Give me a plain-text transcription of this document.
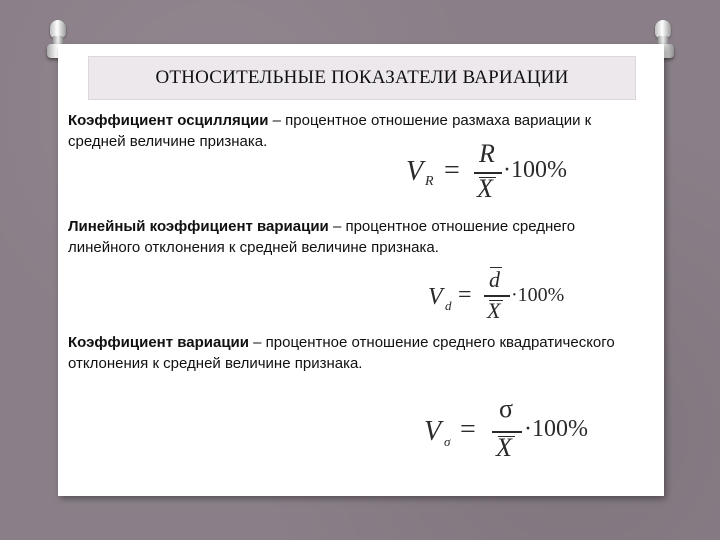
ОТНОСИТЕЛЬНЫЕ ПОКАЗАТЕЛИ ВАРИАЦИИ

Коэффициент осцилляции – процентное отношение размаха вариации к средней величине признака.

V R =
R
X
·100%

Линейный коэффициент вариации – процентное отношение среднего линейного отклонения к средней величине признака.

V d =
d
X
·100%

Коэффициент вариации – процентное отношение среднего квадратического отклонения к средней величине признака.

V σ =
σ
X
·100%
